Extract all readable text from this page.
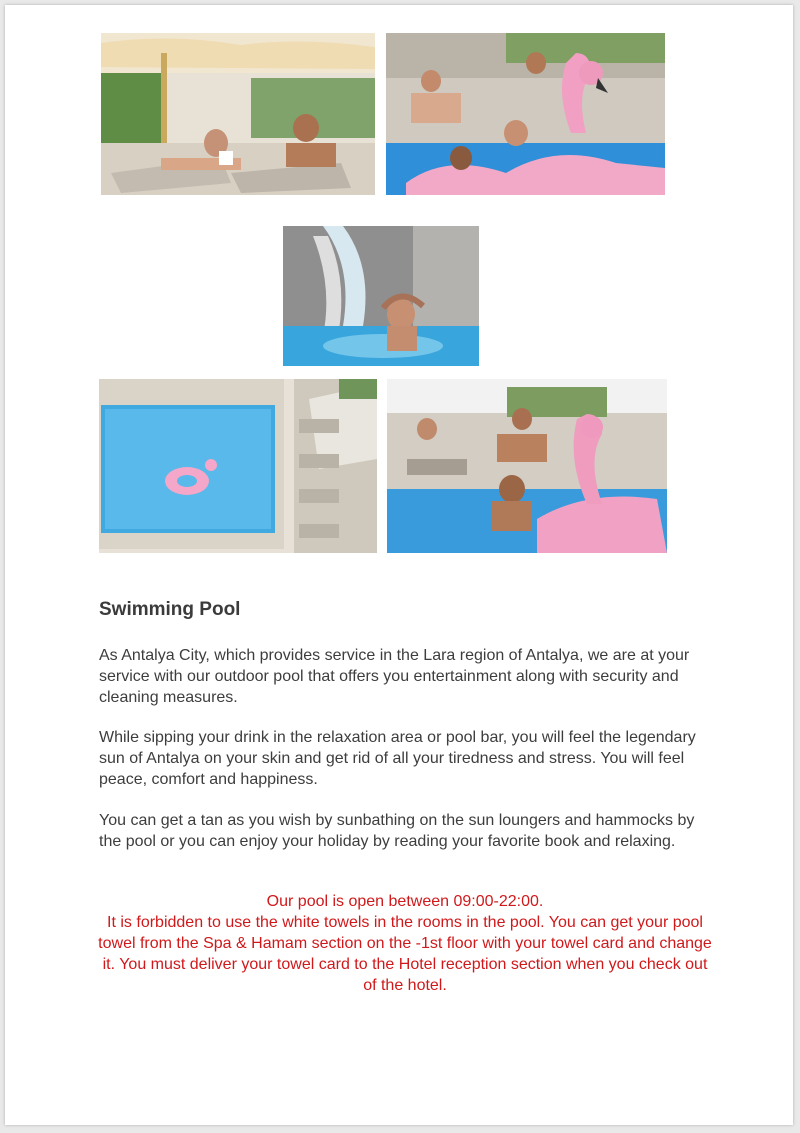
Swimming Pool

As Antalya City, which provides service in the Lara region of Antalya, we are at your service with our outdoor pool that offers you entertainment along with security and cleaning measures.

While sipping your drink in the relaxation area or pool bar, you will feel the legendary sun of Antalya on your skin and get rid of all your tiredness and stress. You will feel peace, comfort and happiness.

You can get a tan as you wish by sunbathing on the sun loungers and hammocks by the pool or you can enjoy your holiday by reading your favorite book and relaxing.

Our pool is open between 09:00-22:00.
It is forbidden to use the white towels in the rooms in the pool. You can get your pool towel from the Spa & Hamam section on the -1st floor with your towel card and change it. You must deliver your towel card to the Hotel reception section when you check out of the hotel.
